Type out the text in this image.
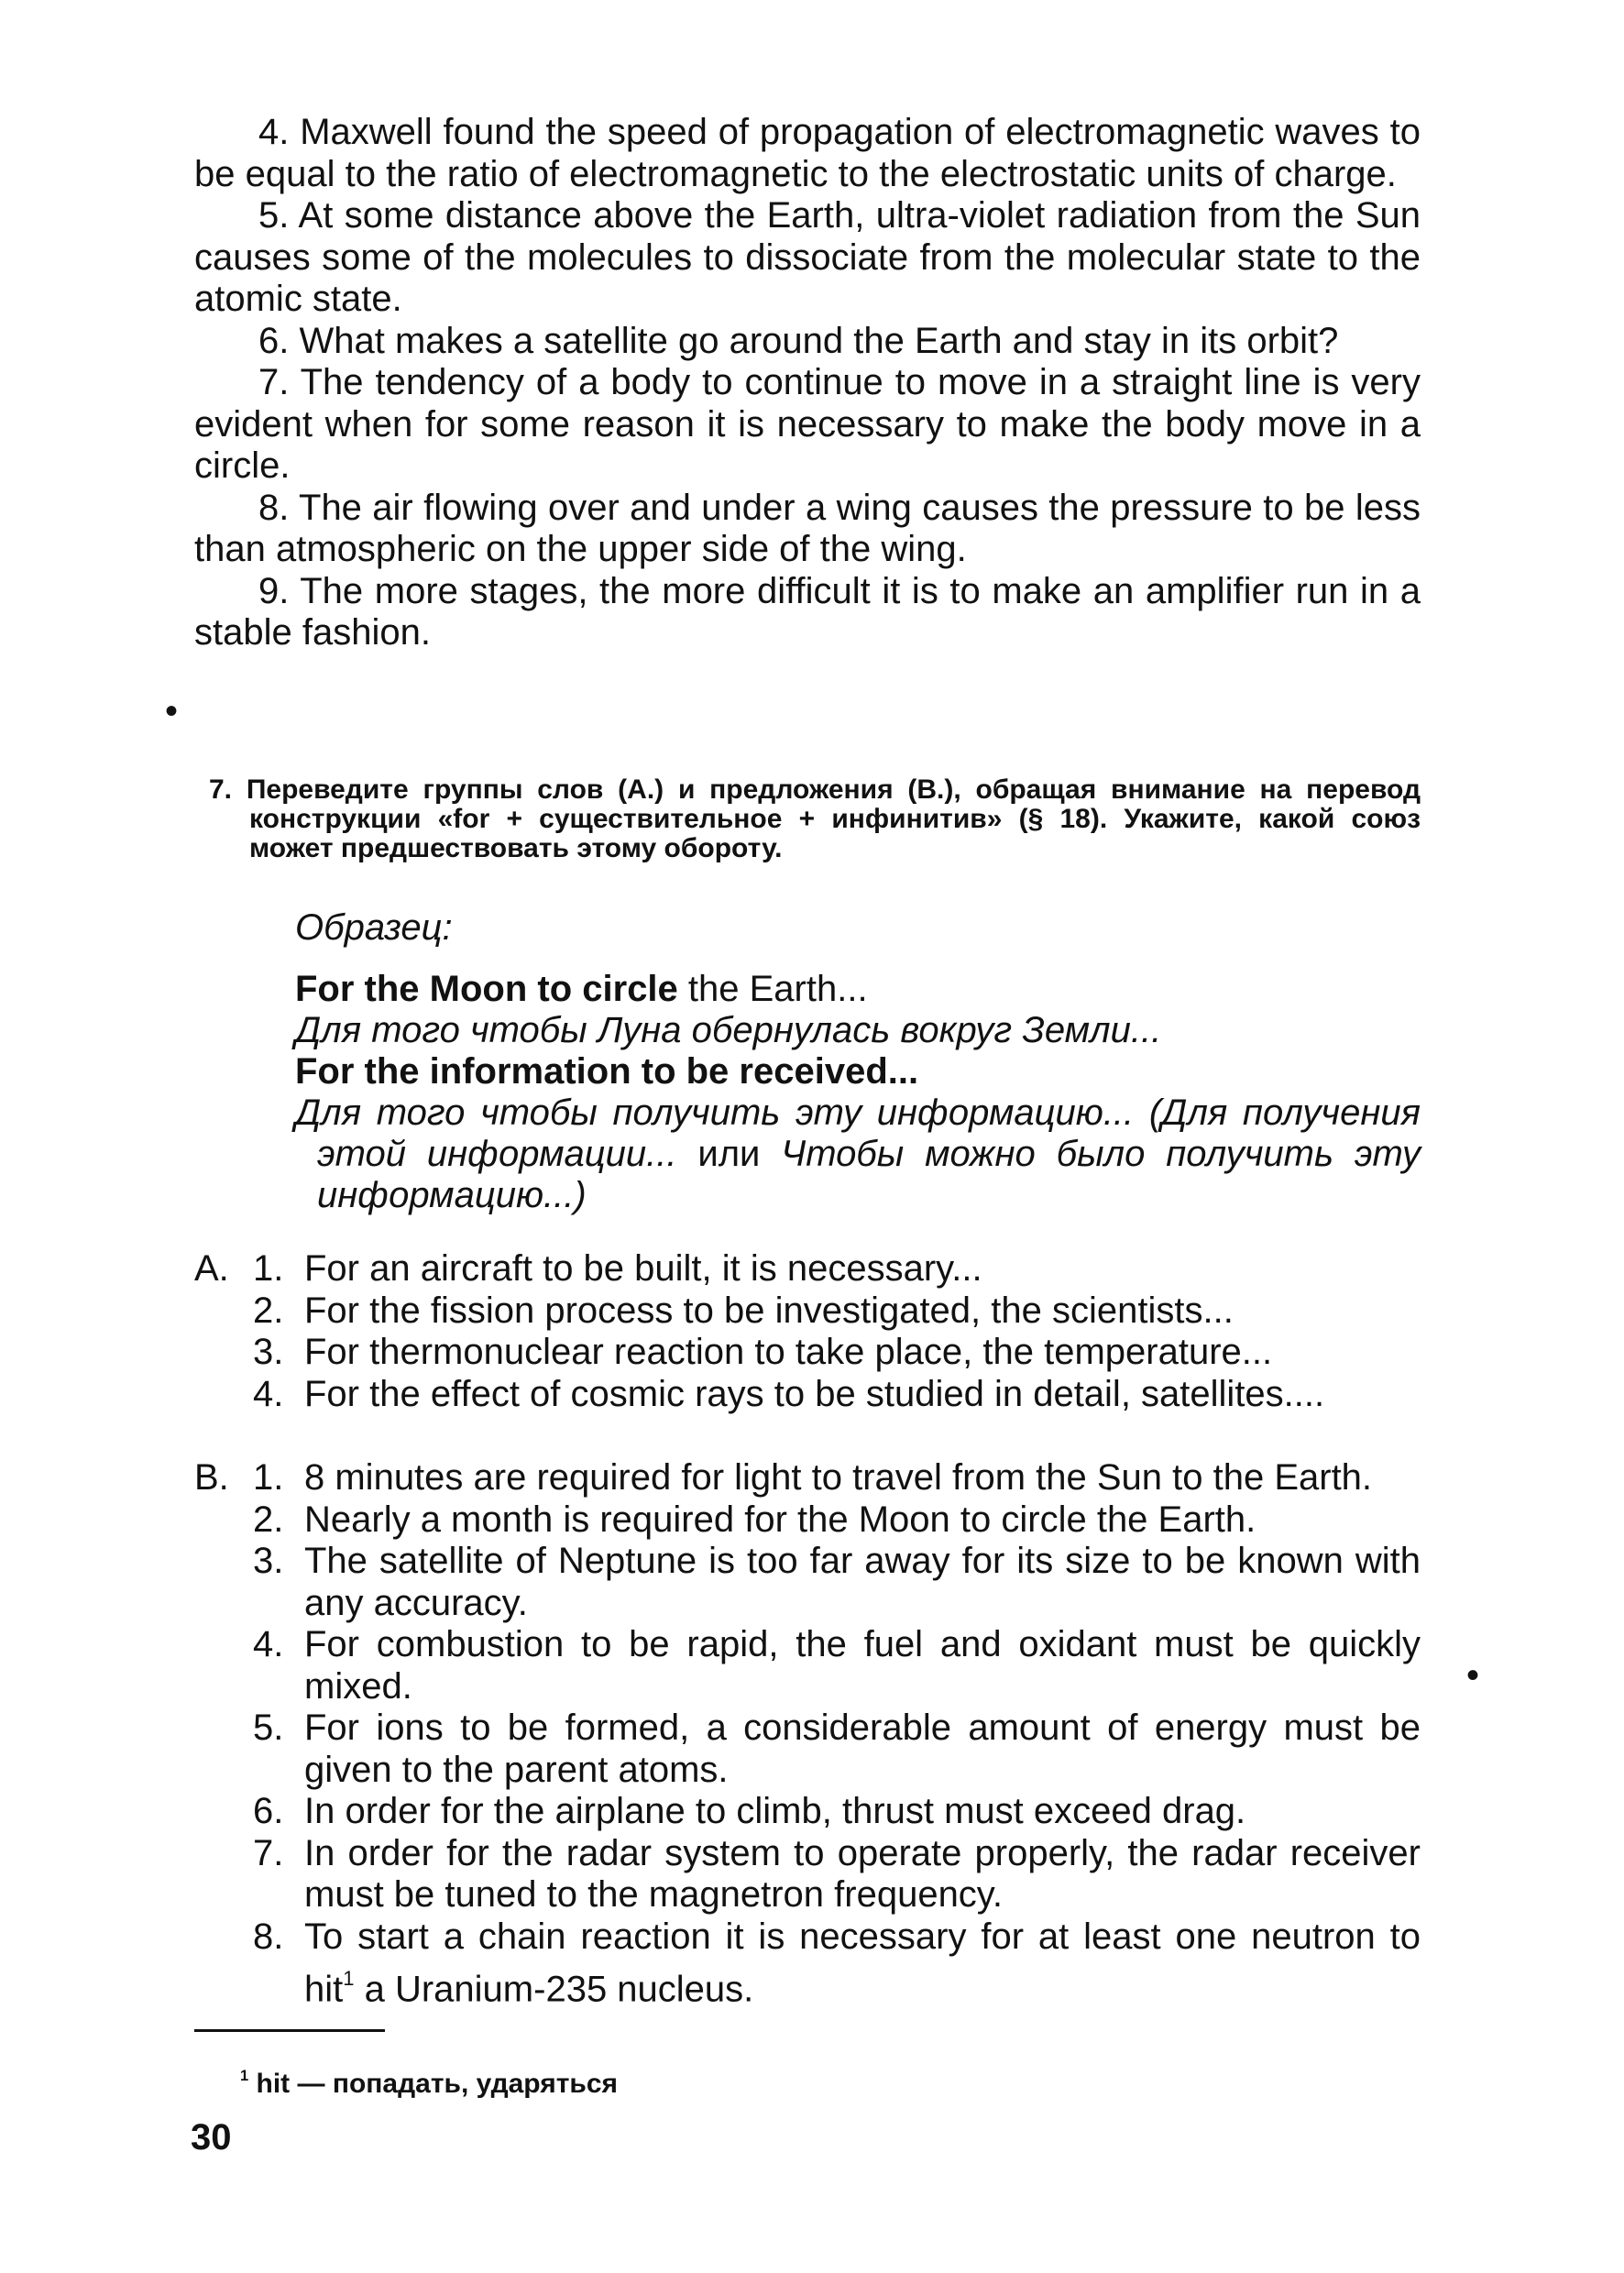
4. Maxwell found the speed of propagation of electromagnetic waves to be equal to the ratio of electromagnetic to the electrostatic units of charge.

5. At some distance above the Earth, ultra-violet radiation from the Sun causes some of the molecules to dissociate from the molecular state to the atomic state.

6. What makes a satellite go around the Earth and stay in its orbit?

7. The tendency of a body to continue to move in a straight line is very evident when for some reason it is necessary to make the body move in a circle.

8. The air flowing over and under a wing causes the pressure to be less than atmospheric on the upper side of the wing.

9. The more stages, the more difficult it is to make an amplifier run in a stable fashion.

•

7. Переведите группы слов (A.) и предложения (B.), обращая внимание на перевод конструкции «for + существительное + инфинитив» (§ 18). Укажите, какой союз может предшествовать этому обороту.

Образец:

For the Moon to circle the Earth...

Для того чтобы Луна обернулась вокруг Земли...

For the information to be received...

Для того чтобы получить эту информацию... (Для получения этой информации... или Чтобы можно было получить эту информацию...)

A. 1. For an aircraft to be built, it is necessary...
2. For the fission process to be investigated, the scientists...
3. For thermonuclear reaction to take place, the temperature...
4. For the effect of cosmic rays to be studied in detail, satellites....
B. 1. 8 minutes are required for light to travel from the Sun to the Earth.
2. Nearly a month is required for the Moon to circle the Earth.
3. The satellite of Neptune is too far away for its size to be known with any accuracy.
4. For combustion to be rapid, the fuel and oxidant must be quickly mixed.
5. For ions to be formed, a considerable amount of energy must be given to the parent atoms.
6. In order for the airplane to climb, thrust must exceed drag.
7. In order for the radar system to operate properly, the radar receiver must be tuned to the magnetron frequency.
8. To start a chain reaction it is necessary for at least one neutron to hit$^1$ a Uranium-235 nucleus.
•
$^1$ hit — попадать, ударяться
30
